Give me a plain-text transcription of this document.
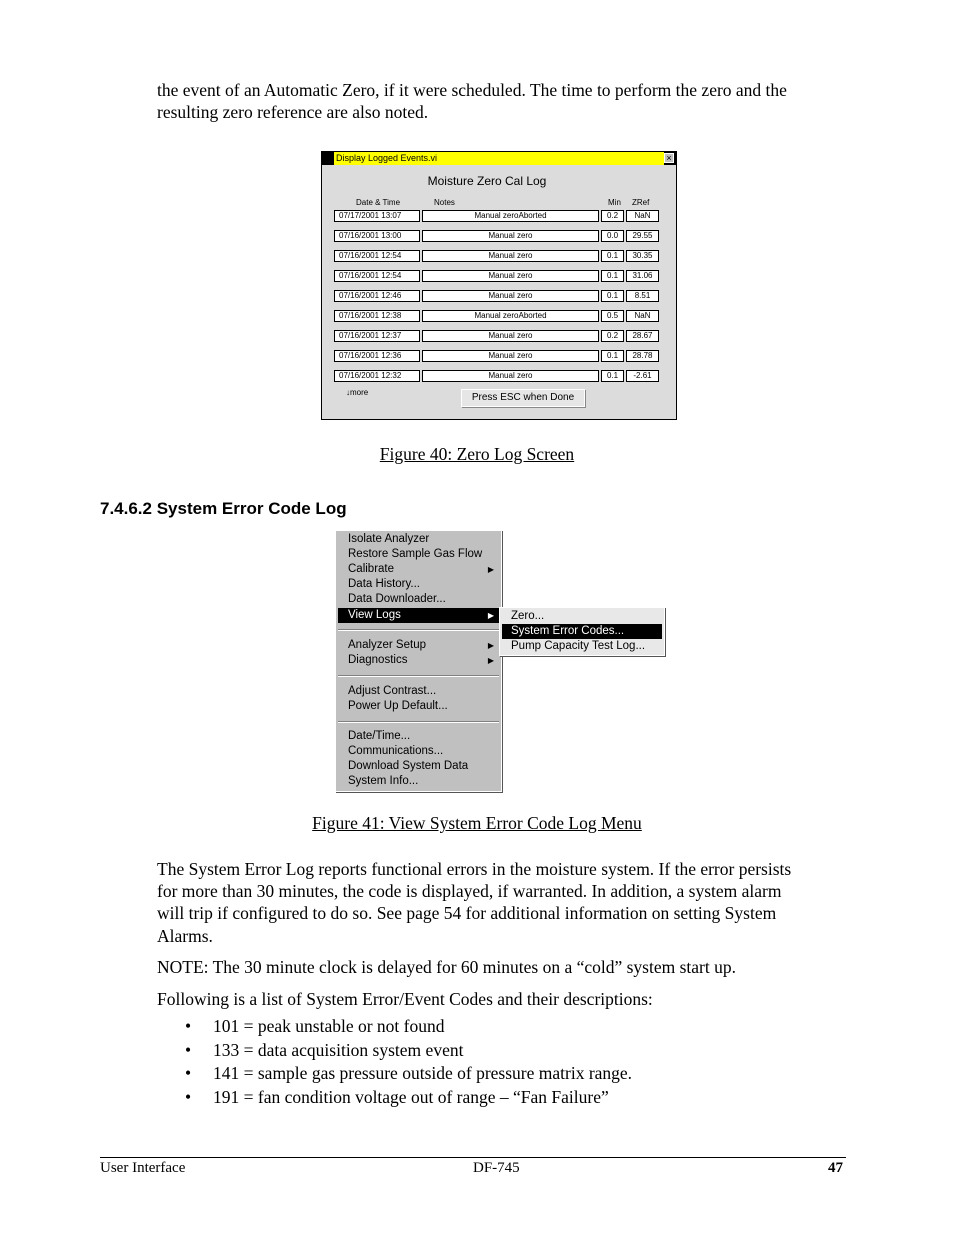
the event of an Automatic Zero, if it were scheduled. The time to perform the zero and the

resulting zero reference are also noted.

Display Logged Events.vi	×
Moisture Zero Cal Log
Date & Time	Notes	Min ZRef
07/17/2001 13:07	Manual zeroAborted	0.2	NaN
07/16/2001 13:00	Manual zero	0.0	29.55
07/16/2001 12:54	Manual zero	0.1	30.35
07/16/2001 12:54	Manual zero	0.1	31.06
07/16/2001 12:46	Manual zero	0.1	8.51
07/16/2001 12:38	Manual zeroAborted	0.5	NaN
07/16/2001 12:37	Manual zero	0.2	28.67
07/16/2001 12:36	Manual zero	0.1	28.78
07/16/2001 12:32	Manual zero	0.1	-2.61
↓more	Press ESC when Done
Figure 40: Zero Log Screen
7.4.6.2 System Error Code Log
Isolate Analyzer
Restore Sample Gas Flow
Calibrate	▶
Data History...
Data Downloader...
View Logs	▶
Analyzer Setup	▶
Diagnostics	▶
Adjust Contrast...
Power Up Default...
Date/Time...
Communications...
Download System Data
System Info...
Zero...
System Error Codes...
Pump Capacity Test Log...
Figure 41: View System Error Code Log Menu

The System Error Log reports functional errors in the moisture system. If the error persists

for more than 30 minutes, the code is displayed, if warranted. In addition, a system alarm

will trip if configured to do so. See page 54 for additional information on setting System

Alarms.

NOTE: The 30 minute clock is delayed for 60 minutes on a “cold” system start up.

Following is a list of System Error/Event Codes and their descriptions:

• 101 = peak unstable or not found
• 133 = data acquisition system event
• 141 = sample gas pressure outside of pressure matrix range.
• 191 = fan condition voltage out of range – “Fan Failure”
User Interface	DF-745	47
